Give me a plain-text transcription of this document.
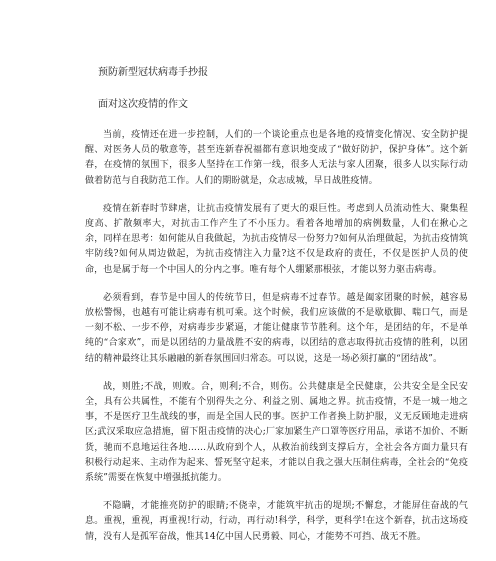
预防新型冠状病毒手抄报
面对这次疫情的作文

当前，疫情还在进一步控制，人们的一个谈论重点也是各地的疫情变化情况、安全防护提醒、对医务人员的敬意等，甚至连新春祝福都有意识地变成了“做好防护，保护身体”。这个新春，在疫情的氛围下，很多人坚持在工作第一线，很多人无法与家人团聚，很多人以实际行动做着防范与自我防范工作。人们的期盼就是，众志成城，早日战胜疫情。

疫情在新春时节肆虐，让抗击疫情发展有了更大的艰巨性。考虑到人员流动性大、聚集程度高、扩散频率大，对抗击工作产生了不小压力。看着各地增加的病例数量，人们在揪心之余，同样在思考：如何能从自我做起，为抗击疫情尽一份努力?如何从治理做起，为抗击疫情筑牢防线?如何从周边做起，为抗击疫情注入力量?这不仅是政府的责任，不仅是医护人员的使命，也是属于每一个中国人的分内之事。唯有每个人绷紧那根弦，才能以努力驱击病毒。

必须看到，春节是中国人的传统节日，但是病毒不过春节。越是阖家团聚的时候，越容易放松警惕，也越有可能让病毒有机可乘。这个时候，我们应该做的不是歇歇脚、喘口气，而是一刻不松、一步不停，对病毒步步紧逼，才能让健康节节胜利。这个年，是团结的年，不是单纯的“合家欢”，而是以团结的力量战胜不安的病毒，以团结的意志取得抗击疫情的胜利，以团结的精神最终让其乐融融的新春氛围回归常态。可以说，这是一场必须打赢的“团结战”。

战，则胜;不战，则败。合，则利;不合，则伤。公共健康是全民健康，公共安全是全民安全，具有公共属性，不能有个别得失之分、利益之别、属地之界。抗击疫情，不是一城一地之事，不是医疗卫生战线的事，而是全国人民的事。医护工作者换上防护服，义无反顾地走进病区;武汉采取应急措施，留下阻击疫情的决心;厂家加紧生产口罩等医疗用品，承诺不加价、不断货，驰而不息地运往各地……从政府到个人，从救治前线到支撑后方，全社会各方面力量只有积极行动起来、主动作为起来、誓死坚守起来，才能以自我之强大压制住病毒，全社会的“免疫系统”需要在恢复中增强抵抗能力。

不隐瞒，才能推亮防护的眼睛;不侥幸，才能筑牢抗击的堤坝;不懈怠，才能屏住奋战的气息。重视，重视，再重视!行动，行动，再行动!科学，科学，更科学!在这个新春，抗击这场疫情，没有人是孤军奋战，惟其14亿中国人民勇毅、同心，才能势不可挡、战无不胜。
